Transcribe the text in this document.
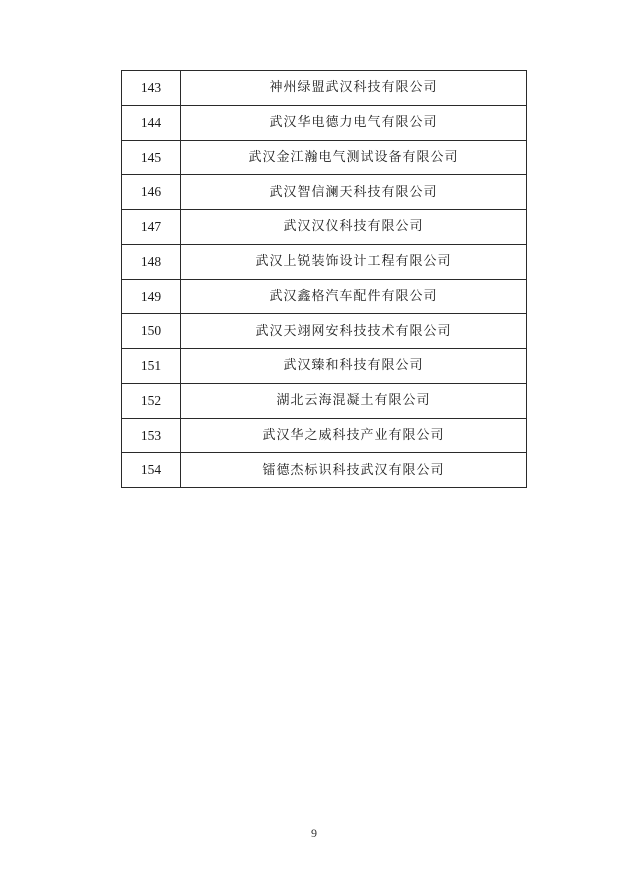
143	神州绿盟武汉科技有限公司
144	武汉华电德力电气有限公司
145	武汉金江瀚电气测试设备有限公司
146	武汉智信澜天科技有限公司
147	武汉汉仪科技有限公司
148	武汉上锐装饰设计工程有限公司
149	武汉鑫格汽车配件有限公司
150	武汉天翊网安科技技术有限公司
151	武汉臻和科技有限公司
152	湖北云海混凝土有限公司
153	武汉华之威科技产业有限公司
154	镭德杰标识科技武汉有限公司
9
